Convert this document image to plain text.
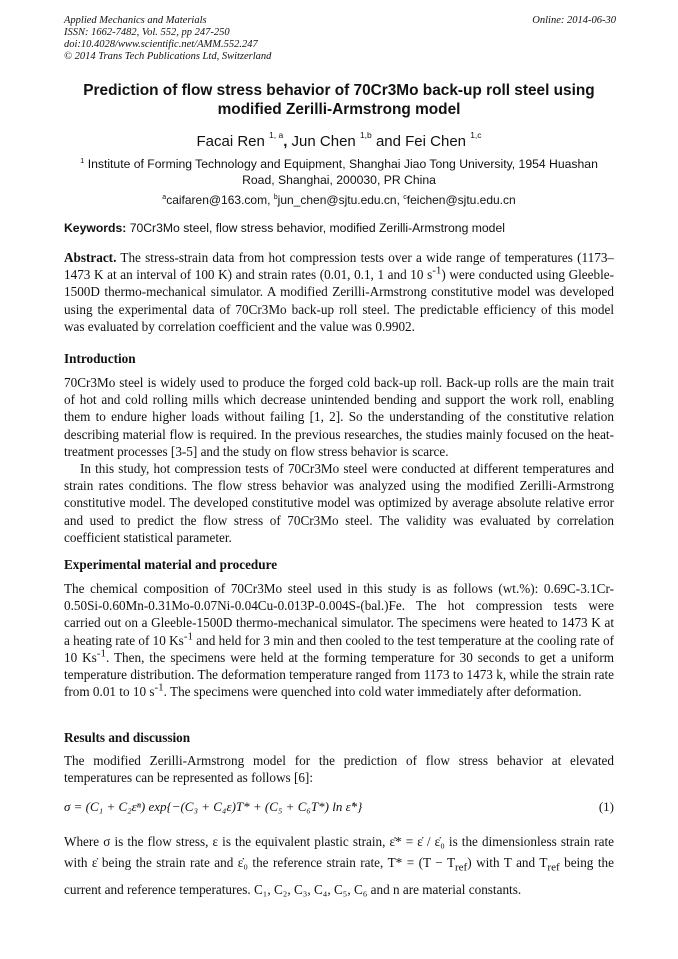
Applied Mechanics and Materials
ISSN: 1662-7482, Vol. 552, pp 247-250
doi:10.4028/www.scientific.net/AMM.552.247
© 2014 Trans Tech Publications Ltd, Switzerland
Online: 2014-06-30
Prediction of flow stress behavior of 70Cr3Mo back-up roll steel using modified Zerilli-Armstrong model
Facai Ren $^{1, a}$, Jun Chen $^{1,b}$ and Fei Chen $^{1,c}$
$^1$ Institute of Forming Technology and Equipment, Shanghai Jiao Tong University, 1954 Huashan Road, Shanghai, 200030, PR China
$^a$caifaren@163.com, $^b$jun_chen@sjtu.edu.cn, $^c$feichen@sjtu.edu.cn
Keywords: 70Cr3Mo steel, flow stress behavior, modified Zerilli-Armstrong model

Abstract. The stress-strain data from hot compression tests over a wide range of temperatures (1173–1473 K at an interval of 100 K) and strain rates (0.01, 0.1, 1 and 10 $s^{-1}$) were conducted using Gleeble-1500D thermo-mechanical simulator. A modified Zerilli-Armstrong constitutive model was developed using the experimental data of 70Cr3Mo back-up roll steel. The predictable efficiency of this model was evaluated by correlation coefficient and the value was 0.9902.

Introduction

70Cr3Mo steel is widely used to produce the forged cold back-up roll. Back-up rolls are the main trait of hot and cold rolling mills which decrease unintended bending and support the work roll, enabling them to endure higher loads without failing [1, 2]. So the understanding of the constitutive relation describing material flow is required. In the previous researches, the studies mainly focused on the heat-treatment processes [3-5] and the study on flow stress behavior is scarce.

In this study, hot compression tests of 70Cr3Mo steel were conducted at different temperatures and strain rates conditions. The flow stress behavior was analyzed using the modified Zerilli-Armstrong constitutive model. The developed constitutive model was optimized by average absolute relative error and used to predict the flow stress of 70Cr3Mo steel. The validity was evaluated by correlation coefficient statistical parameter.

Experimental material and procedure

The chemical composition of 70Cr3Mo steel used in this study is as follows (wt.%): 0.69C-3.1Cr-0.50Si-0.60Mn-0.31Mo-0.07Ni-0.04Cu-0.013P-0.004S-(bal.)Fe. The hot compression tests were carried out on a Gleeble-1500D thermo-mechanical simulator. The specimens were heated to 1473 K at a heating rate of 10 $Ks^{-1}$ and held for 3 min and then cooled to the test temperature at the cooling rate of 10 $Ks^{-1}$. Then, the specimens were held at the forming temperature for 30 seconds to get a uniform temperature distribution. The deformation temperature ranged from 1173 to 1473 k, while the strain rate from 0.01 to 10 $s^{-1}$. The specimens were quenched into cold water immediately after deformation.

Results and discussion
The modified Zerilli-Armstrong model for the prediction of flow stress behavior at elevated temperatures can be represented as follows [6]:
σ = (C₁ + C₂εⁿ) exp{−(C₃ + C₄ε)T* + (C₅ + C₆T*) ln ε̇*}	(1)

Where σ is the flow stress, ε is the equivalent plastic strain, ε̇* = ε̇ / ε̇₀ is the dimensionless strain rate with ε̇ being the strain rate and ε̇₀ the reference strain rate, $T* = (T - T_{ref})$ with T and $T_{ref}$ being the current and reference temperatures. C₁, C₂, C₃, C₄, C₅, C₆ and n are material constants.
